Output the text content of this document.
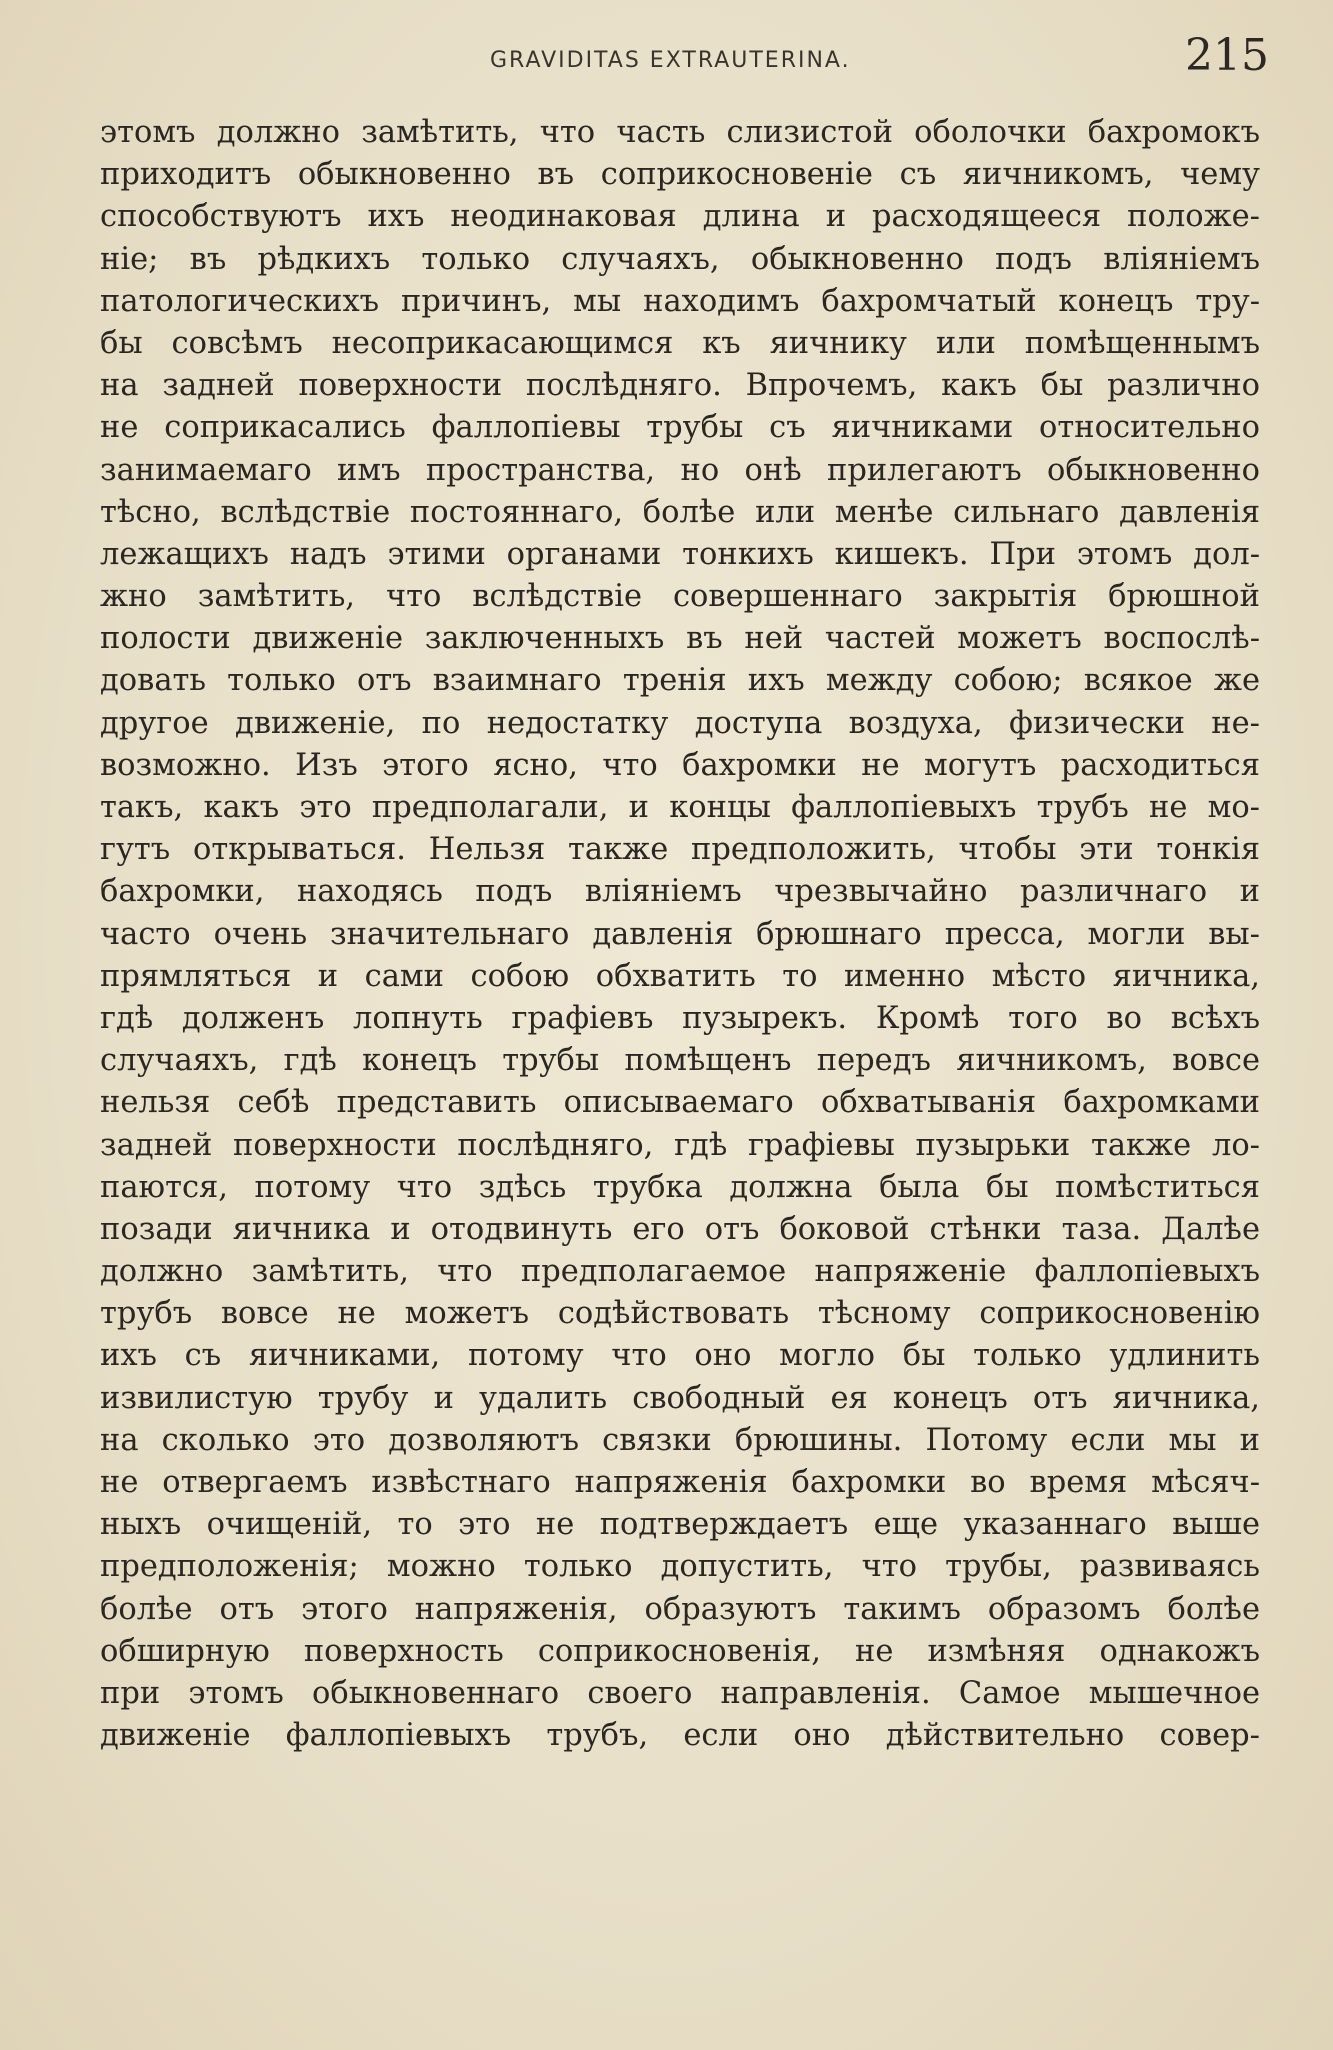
GRAVIDITAS EXTRAUTERINA.	215
этомъ должно замѣтить, что часть слизистой оболочки бахромокъ
приходитъ обыкновенно въ соприкосновеніе съ яичникомъ, чему
способствуютъ ихъ неодинаковая длина и расходящееся положе-
ніе; въ рѣдкихъ только случаяхъ, обыкновенно подъ вліяніемъ
патологическихъ причинъ, мы находимъ бахромчатый конецъ тру-
бы совсѣмъ несоприкасающимся къ яичнику или помѣщеннымъ
на задней поверхности послѣдняго. Впрочемъ, какъ бы различно
не соприкасались фаллопіевы трубы съ яичниками относительно
занимаемаго имъ пространства, но онѣ прилегаютъ обыкновенно
тѣсно, вслѣдствіе постояннаго, болѣе или менѣе сильнаго давленія
лежащихъ надъ этими органами тонкихъ кишекъ. При этомъ дол-
жно замѣтить, что вслѣдствіе совершеннаго закрытія брюшной
полости движеніе заключенныхъ въ ней частей можетъ воспослѣ-
довать только отъ взаимнаго тренія ихъ между собою; всякое же
другое движеніе, по недостатку доступа воздуха, физически не-
возможно. Изъ этого ясно, что бахромки не могутъ расходиться
такъ, какъ это предполагали, и концы фаллопіевыхъ трубъ не мо-
гутъ открываться. Нельзя также предположить, чтобы эти тонкія
бахромки, находясь подъ вліяніемъ чрезвычайно различнаго и
часто очень значительнаго давленія брюшнаго пресса, могли вы-
прямляться и сами собою обхватить то именно мѣсто яичника,
гдѣ долженъ лопнуть графіевъ пузырекъ. Кромѣ того во всѣхъ
случаяхъ, гдѣ конецъ трубы помѣщенъ передъ яичникомъ, вовсе
нельзя себѣ представить описываемаго обхватыванія бахромками
задней поверхности послѣдняго, гдѣ графіевы пузырьки также ло-
паются, потому что здѣсь трубка должна была бы помѣститься
позади яичника и отодвинуть его отъ боковой стѣнки таза. Далѣе
должно замѣтить, что предполагаемое напряженіе фаллопіевыхъ
трубъ вовсе не можетъ содѣйствовать тѣсному соприкосновенію
ихъ съ яичниками, потому что оно могло бы только удлинить
извилистую трубу и удалить свободный ея конецъ отъ яичника,
на сколько это дозволяютъ связки брюшины. Потому если мы и
не отвергаемъ извѣстнаго напряженія бахромки во время мѣсяч-
ныхъ очищеній, то это не подтверждаетъ еще указаннаго выше
предположенія; можно только допустить, что трубы, развиваясь
болѣе отъ этого напряженія, образуютъ такимъ образомъ болѣе
обширную поверхность соприкосновенія, не измѣняя однакожъ
при этомъ обыкновеннаго своего направленія. Самое мышечное
движеніе фаллопіевыхъ трубъ, если оно дѣйствительно совер-
